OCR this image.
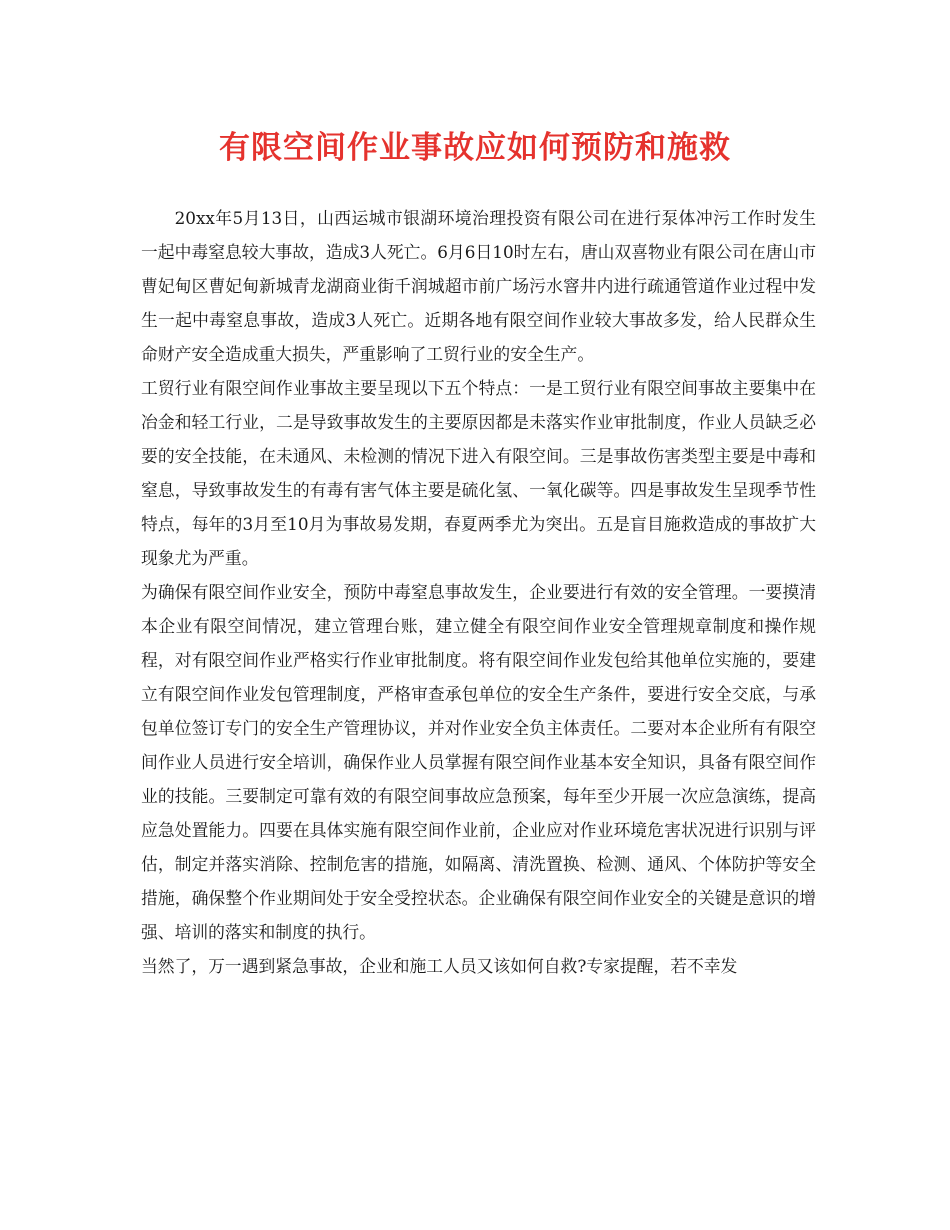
有限空间作业事故应如何预防和施救

20xx年5月13日，山西运城市银湖环境治理投资有限公司在进行泵体冲污工作时发生一起中毒窒息较大事故，造成3人死亡。6月6日10时左右，唐山双喜物业有限公司在唐山市曹妃甸区曹妃甸新城青龙湖商业街千润城超市前广场污水窨井内进行疏通管道作业过程中发生一起中毒窒息事故，造成3人死亡。近期各地有限空间作业较大事故多发，给人民群众生命财产安全造成重大损失，严重影响了工贸行业的安全生产。

工贸行业有限空间作业事故主要呈现以下五个特点：一是工贸行业有限空间事故主要集中在冶金和轻工行业，二是导致事故发生的主要原因都是未落实作业审批制度，作业人员缺乏必要的安全技能，在未通风、未检测的情况下进入有限空间。三是事故伤害类型主要是中毒和窒息，导致事故发生的有毒有害气体主要是硫化氢、一氧化碳等。四是事故发生呈现季节性特点，每年的3月至10月为事故易发期，春夏两季尤为突出。五是盲目施救造成的事故扩大现象尤为严重。

为确保有限空间作业安全，预防中毒窒息事故发生，企业要进行有效的安全管理。一要摸清本企业有限空间情况，建立管理台账，建立健全有限空间作业安全管理规章制度和操作规程，对有限空间作业严格实行作业审批制度。将有限空间作业发包给其他单位实施的，要建立有限空间作业发包管理制度，严格审查承包单位的安全生产条件，要进行安全交底，与承包单位签订专门的安全生产管理协议，并对作业安全负主体责任。二要对本企业所有有限空间作业人员进行安全培训，确保作业人员掌握有限空间作业基本安全知识，具备有限空间作业的技能。三要制定可靠有效的有限空间事故应急预案，每年至少开展一次应急演练，提高应急处置能力。四要在具体实施有限空间作业前，企业应对作业环境危害状况进行识别与评估，制定并落实消除、控制危害的措施，如隔离、清洗置换、检测、通风、个体防护等安全措施，确保整个作业期间处于安全受控状态。企业确保有限空间作业安全的关键是意识的增强、培训的落实和制度的执行。

当然了，万一遇到紧急事故，企业和施工人员又该如何自救?专家提醒，若不幸发
